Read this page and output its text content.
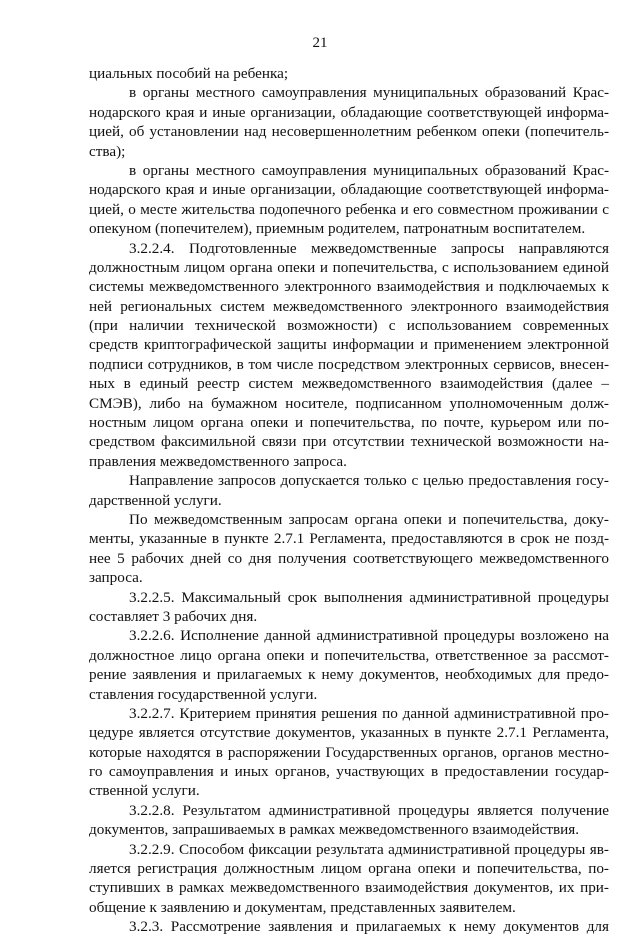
21
циальных пособий на ребенка;
в органы местного самоуправления муниципальных образований Крас-
нодарского края и иные организации, обладающие соответствующей информа-
цией, об установлении над несовершеннолетним ребенком опеки (попечитель-
ства);
в органы местного самоуправления муниципальных образований Крас-
нодарского края и иные организации, обладающие соответствующей информа-
цией, о месте жительства подопечного ребенка и его совместном проживании с
опекуном (попечителем), приемным родителем, патронатным воспитателем.
3.2.2.4. Подготовленные межведомственные запросы направляются
должностным лицом органа опеки и попечительства, с использованием единой
системы межведомственного электронного взаимодействия и подключаемых к
ней региональных систем межведомственного электронного взаимодействия
(при наличии технической возможности) с использованием современных
средств криптографической защиты информации и применением электронной
подписи сотрудников, в том числе посредством электронных сервисов, внесен-
ных в единый реестр систем межведомственного взаимодействия (далее –
СМЭВ), либо на бумажном носителе, подписанном уполномоченным долж-
ностным лицом органа опеки и попечительства, по почте, курьером или по-
средством факсимильной связи при отсутствии технической возможности на-
правления межведомственного запроса.
Направление запросов допускается только с целью предоставления госу-
дарственной услуги.
По межведомственным запросам органа опеки и попечительства, доку-
менты, указанные в пункте 2.7.1 Регламента, предоставляются в срок не позд-
нее 5 рабочих дней со дня получения соответствующего межведомственного
запроса.
3.2.2.5. Максимальный срок выполнения административной процедуры
составляет 3 рабочих дня.
3.2.2.6. Исполнение данной административной процедуры возложено на
должностное лицо органа опеки и попечительства, ответственное за рассмот-
рение заявления и прилагаемых к нему документов, необходимых для предо-
ставления государственной услуги.
3.2.2.7. Критерием принятия решения по данной административной про-
цедуре является отсутствие документов, указанных в пункте 2.7.1 Регламента,
которые находятся в распоряжении Государственных органов, органов местно-
го самоуправления и иных органов, участвующих в предоставлении государ-
ственной услуги.
3.2.2.8. Результатом административной процедуры является получение
документов, запрашиваемых в рамках межведомственного взаимодействия.
3.2.2.9. Способом фиксации результата административной процедуры яв-
ляется регистрация должностным лицом органа опеки и попечительства, по-
ступивших в рамках межведомственного взаимодействия документов, их при-
общение к заявлению и документам, представленных заявителем.
3.2.3. Рассмотрение заявления и прилагаемых к нему документов для
